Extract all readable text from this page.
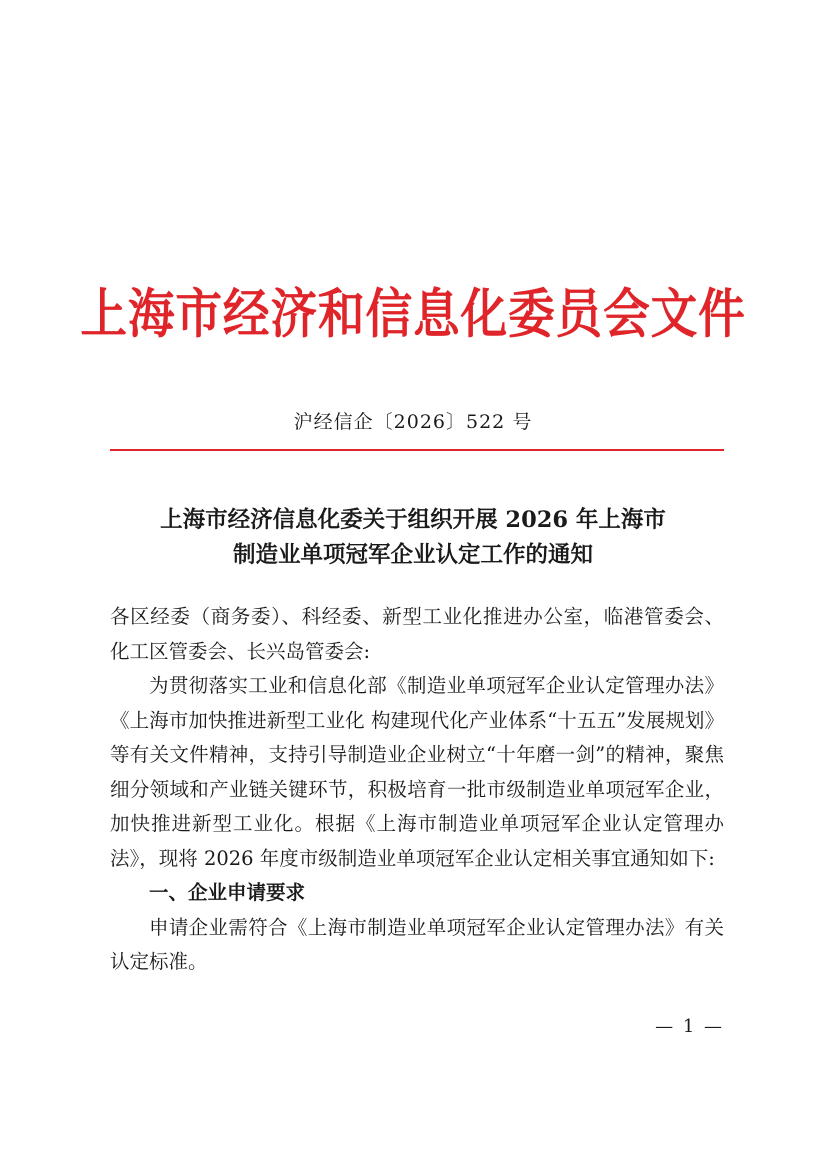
上海市经济和信息化委员会文件
沪经信企〔2026〕522 号
上海市经济信息化委关于组织开展 2026 年上海市
制造业单项冠军企业认定工作的通知

各区经委（商务委）、科经委、新型工业化推进办公室，临港管委会、化工区管委会、长兴岛管委会:

为贯彻落实工业和信息化部《制造业单项冠军企业认定管理办法》《上海市加快推进新型工业化 构建现代化产业体系“十五五”发展规划》等有关文件精神，支持引导制造业企业树立“十年磨一剑”的精神，聚焦细分领域和产业链关键环节，积极培育一批市级制造业单项冠军企业，加快推进新型工业化。根据《上海市制造业单项冠军企业认定管理办法》，现将 2026 年度市级制造业单项冠军企业认定相关事宜通知如下:

一、企业申请要求

申请企业需符合《上海市制造业单项冠军企业认定管理办法》有关认定标准。

— 1 —
